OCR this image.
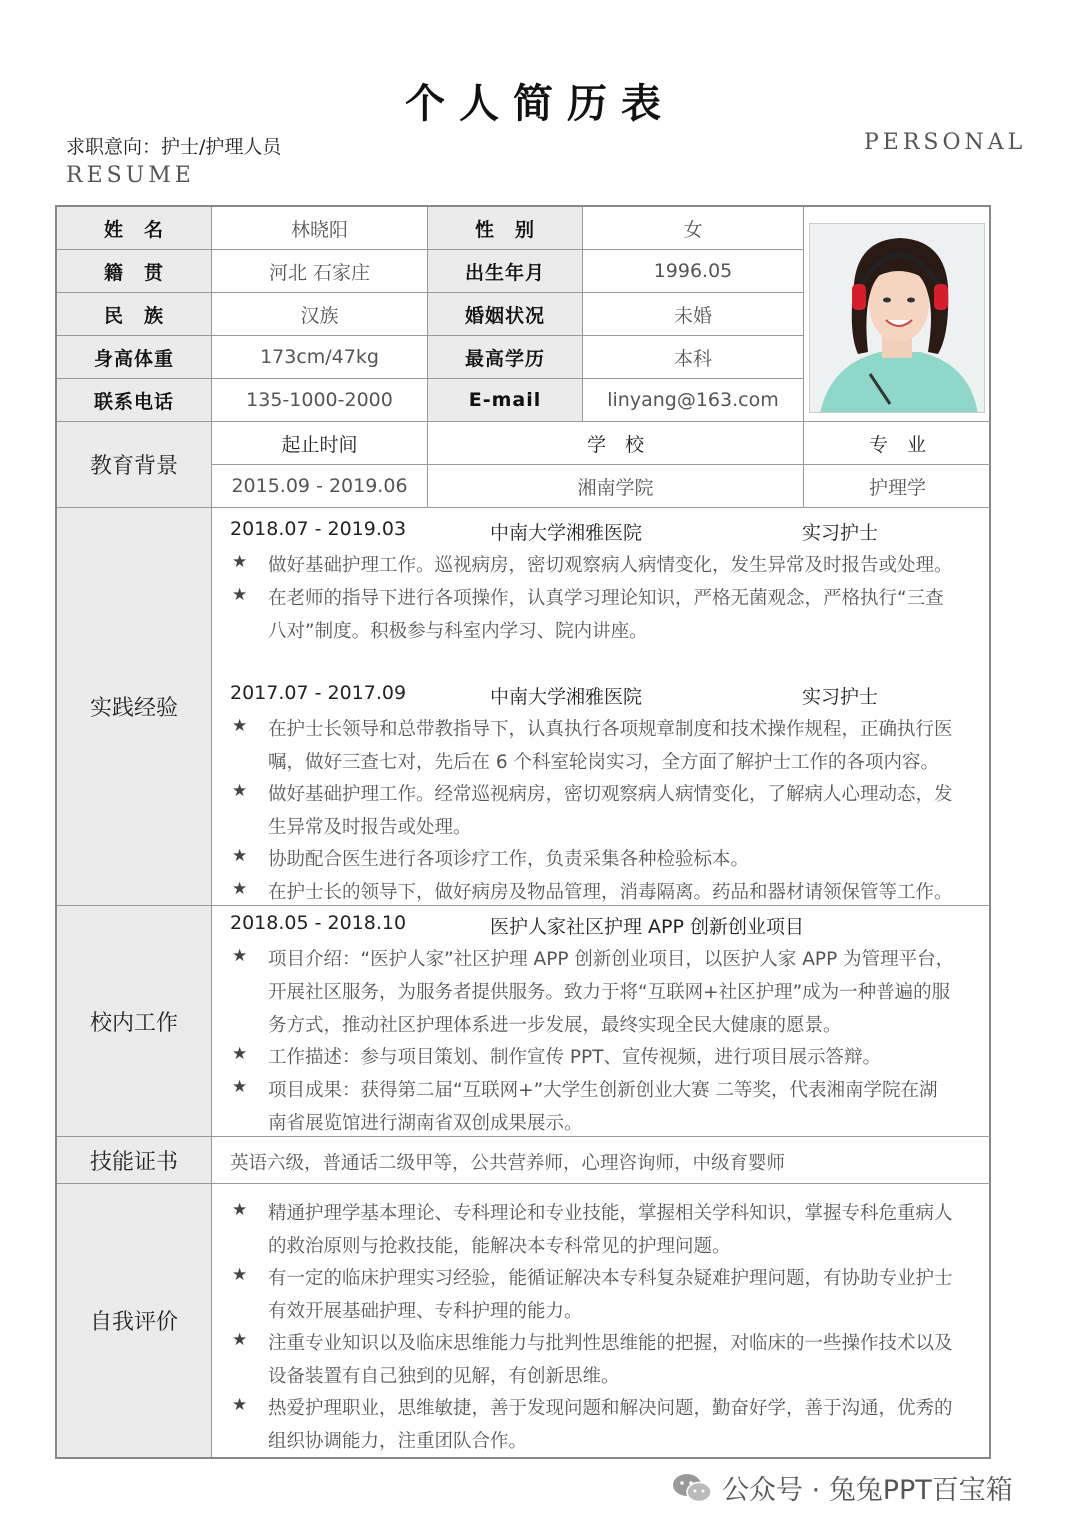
个人简历表
求职意向：护士/护理人员
RESUME
PERSONAL
姓　名	林晓阳	性　别	女
籍　贯	河北 石家庄	出生年月	1996.05
民　族	汉族	婚姻状况	未婚
身高体重	173cm/47kg	最高学历	本科
联系电话	135-1000-2000	E-mail	linyang@163.com
教育背景
起止时间	学　校	专　业
2015.09 - 2019.06	湘南学院	护理学
实践经验
2018.07 - 2019.03	中南大学湘雅医院	实习护士
★ 做好基础护理工作。巡视病房，密切观察病人病情变化，发生异常及时报告或处理。
★ 在老师的指导下进行各项操作，认真学习理论知识，严格无菌观念，严格执行“三查
八对”制度。积极参与科室内学习、院内讲座。
2017.07 - 2017.09	中南大学湘雅医院	实习护士
★ 在护士长领导和总带教指导下，认真执行各项规章制度和技术操作规程，正确执行医
嘱，做好三查七对，先后在 6 个科室轮岗实习，全方面了解护士工作的各项内容。
★ 做好基础护理工作。经常巡视病房，密切观察病人病情变化，了解病人心理动态，发
生异常及时报告或处理。
★ 协助配合医生进行各项诊疗工作，负责采集各种检验标本。
★ 在护士长的领导下，做好病房及物品管理，消毒隔离。药品和器材请领保管等工作。
校内工作
2018.05 - 2018.10	医护人家社区护理 APP 创新创业项目
★ 项目介绍：“医护人家”社区护理 APP 创新创业项目，以医护人家 APP 为管理平台，
开展社区服务，为服务者提供服务。致力于将“互联网+社区护理”成为一种普遍的服
务方式，推动社区护理体系进一步发展，最终实现全民大健康的愿景。
★ 工作描述：参与项目策划、制作宣传 PPT、宣传视频，进行项目展示答辩。
★ 项目成果：获得第二届“互联网+”大学生创新创业大赛 二等奖，代表湘南学院在湖
南省展览馆进行湖南省双创成果展示。
技能证书	英语六级，普通话二级甲等，公共营养师，心理咨询师，中级育婴师
自我评价
★ 精通护理学基本理论、专科理论和专业技能，掌握相关学科知识，掌握专科危重病人
的救治原则与抢救技能，能解决本专科常见的护理问题。
★ 有一定的临床护理实习经验，能循证解决本专科复杂疑难护理问题，有协助专业护士
有效开展基础护理、专科护理的能力。
★ 注重专业知识以及临床思维能力与批判性思维能的把握，对临床的一些操作技术以及
设备装置有自己独到的见解，有创新思维。
★ 热爱护理职业，思维敏捷，善于发现问题和解决问题，勤奋好学，善于沟通，优秀的
组织协调能力，注重团队合作。
公众号 · 兔兔PPT百宝箱
